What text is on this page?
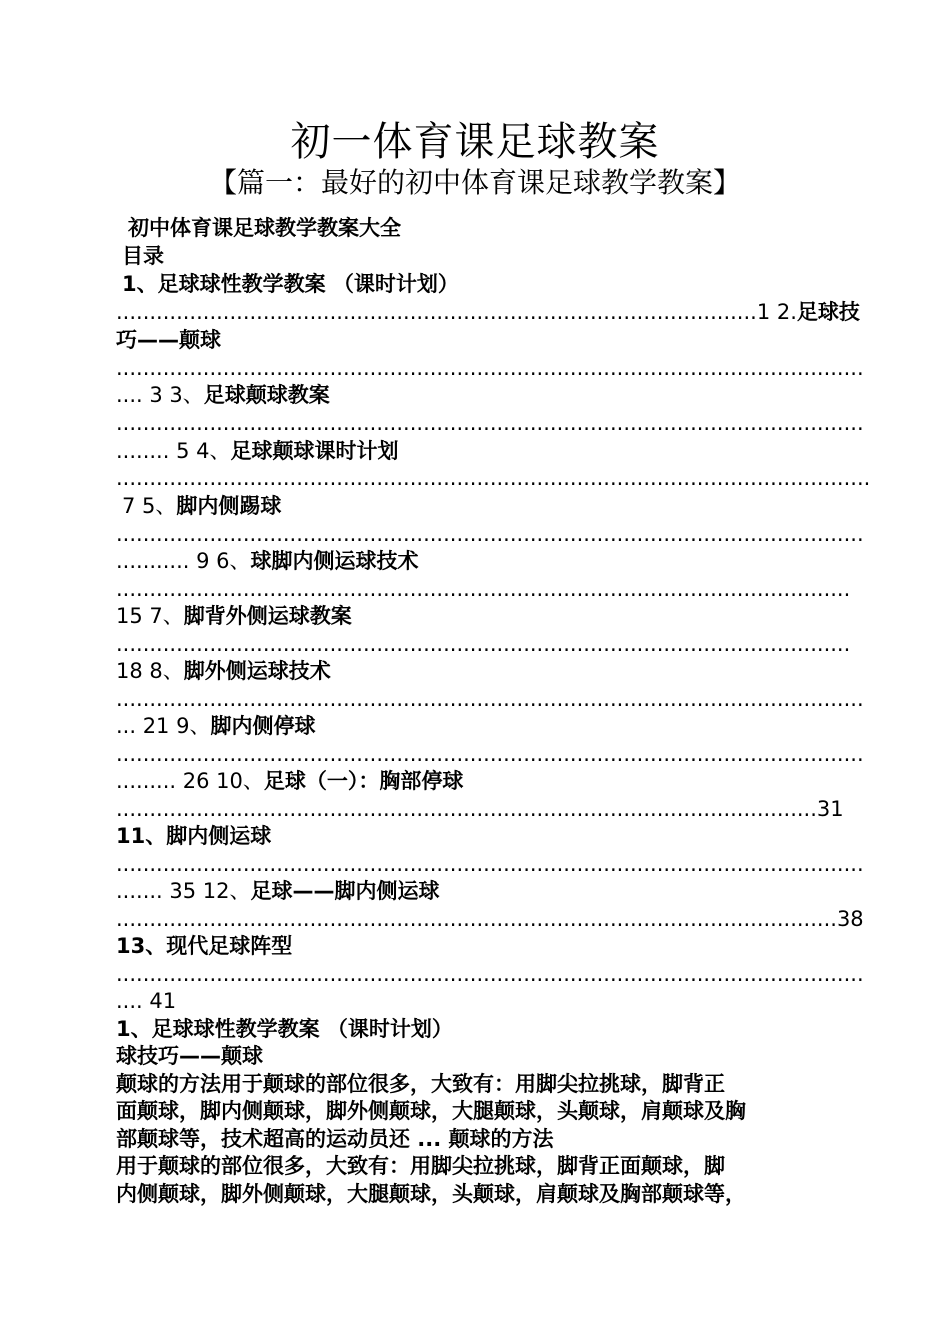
初一体育课足球教案
【篇一：最好的初中体育课足球教学教案】
初中体育课足球教学教案大全
目录
1、足球球性教学教案 （课时计划）
................................................................................................1 2.足球技
巧——颠球
................................................................................................................
.... 3 3、足球颠球教案
................................................................................................................
........ 5 4、足球颠球课时计划
.................................................................................................................
7 5、脚内侧踢球
................................................................................................................
........... 9 6、球脚内侧运球技术
..............................................................................................................
15 7、脚背外侧运球教案
..............................................................................................................
18 8、脚外侧运球技术
................................................................................................................
... 21 9、脚内侧停球
................................................................................................................
......... 26 10、足球（一）：胸部停球
.........................................................................................................31
11、脚内侧运球
................................................................................................................
....... 35 12、足球——脚内侧运球
............................................................................................................38
13、现代足球阵型
................................................................................................................
.... 41
1、足球球性教学教案 （课时计划）
球技巧——颠球
颠球的方法用于颠球的部位很多，大致有：用脚尖拉挑球，脚背正
面颠球，脚内侧颠球，脚外侧颠球，大腿颠球，头颠球，肩颠球及胸
部颠球等，技术超高的运动员还 ... 颠球的方法
用于颠球的部位很多，大致有：用脚尖拉挑球，脚背正面颠球，脚
内侧颠球，脚外侧颠球，大腿颠球，头颠球，肩颠球及胸部颠球等，
